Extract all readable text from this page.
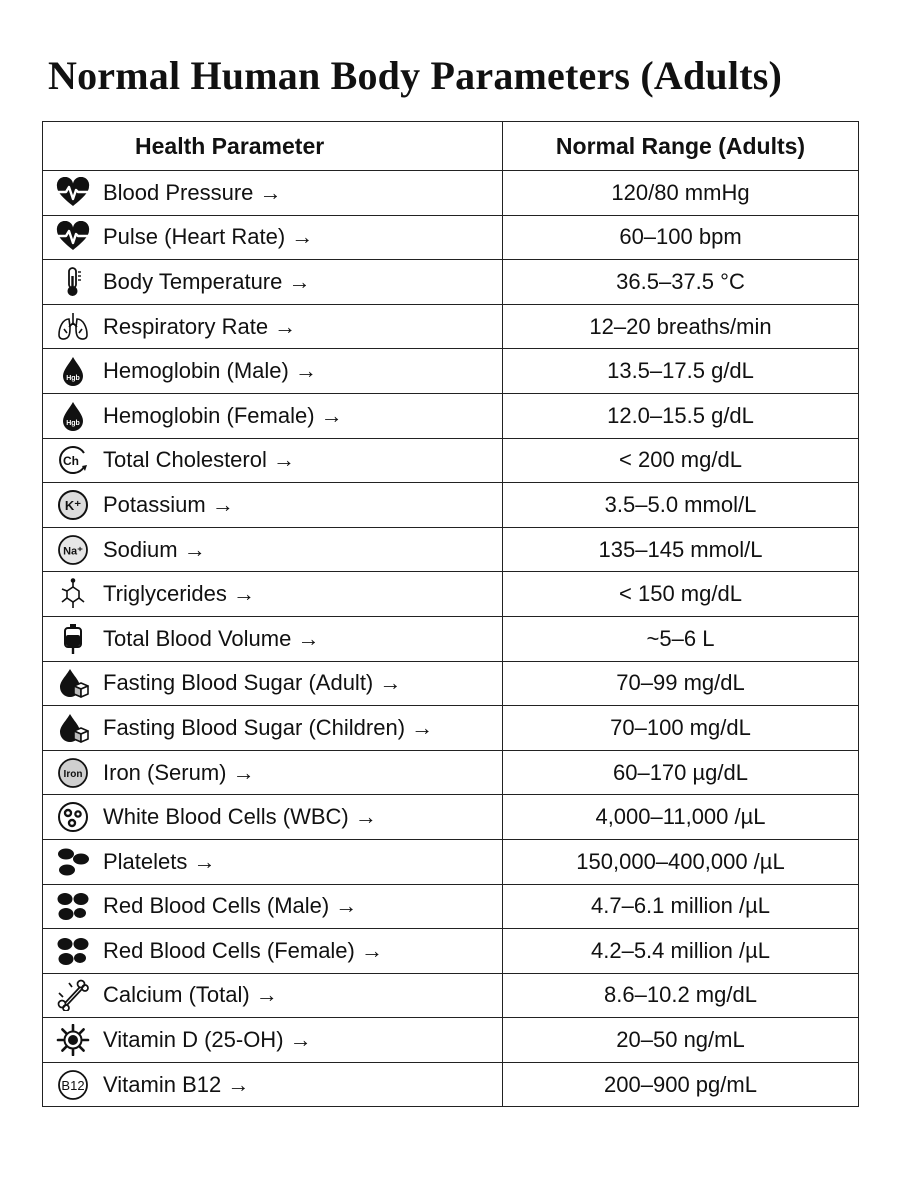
Normal Human Body Parameters (Adults)
Health Parameter	Normal Range (Adults)

Blood Pressure →	120/80 mmHg

Pulse (Heart Rate) →	60–100 bpm

Body Temperature →	36.5–37.5 °C

Respiratory Rate →	12–20 breaths/min

Hgb Hemoglobin (Male) →	13.5–17.5 g/dL

Hgb Hemoglobin (Female) →	12.0–15.5 g/dL

Ch Total Cholesterol →	< 200 mg/dL

K⁺ Potassium →	3.5–5.0 mmol/L

Na⁺ Sodium →	135–145 mmol/L

Triglycerides →	< 150 mg/dL

Total Blood Volume →	~5–6 L

Fasting Blood Sugar (Adult) →	70–99 mg/dL

Fasting Blood Sugar (Children) →	70–100 mg/dL

Iron Iron (Serum) →	60–170 µg/dL

White Blood Cells (WBC) →	4,000–11,000 /µL

Platelets →	150,000–400,000 /µL

Red Blood Cells (Male) →	4.7–6.1 million /µL

Red Blood Cells (Female) →	4.2–5.4 million /µL

Calcium (Total) →	8.6–10.2 mg/dL

Vitamin D (25-OH) →	20–50 ng/mL

B12 Vitamin B12 →	200–900 pg/mL
